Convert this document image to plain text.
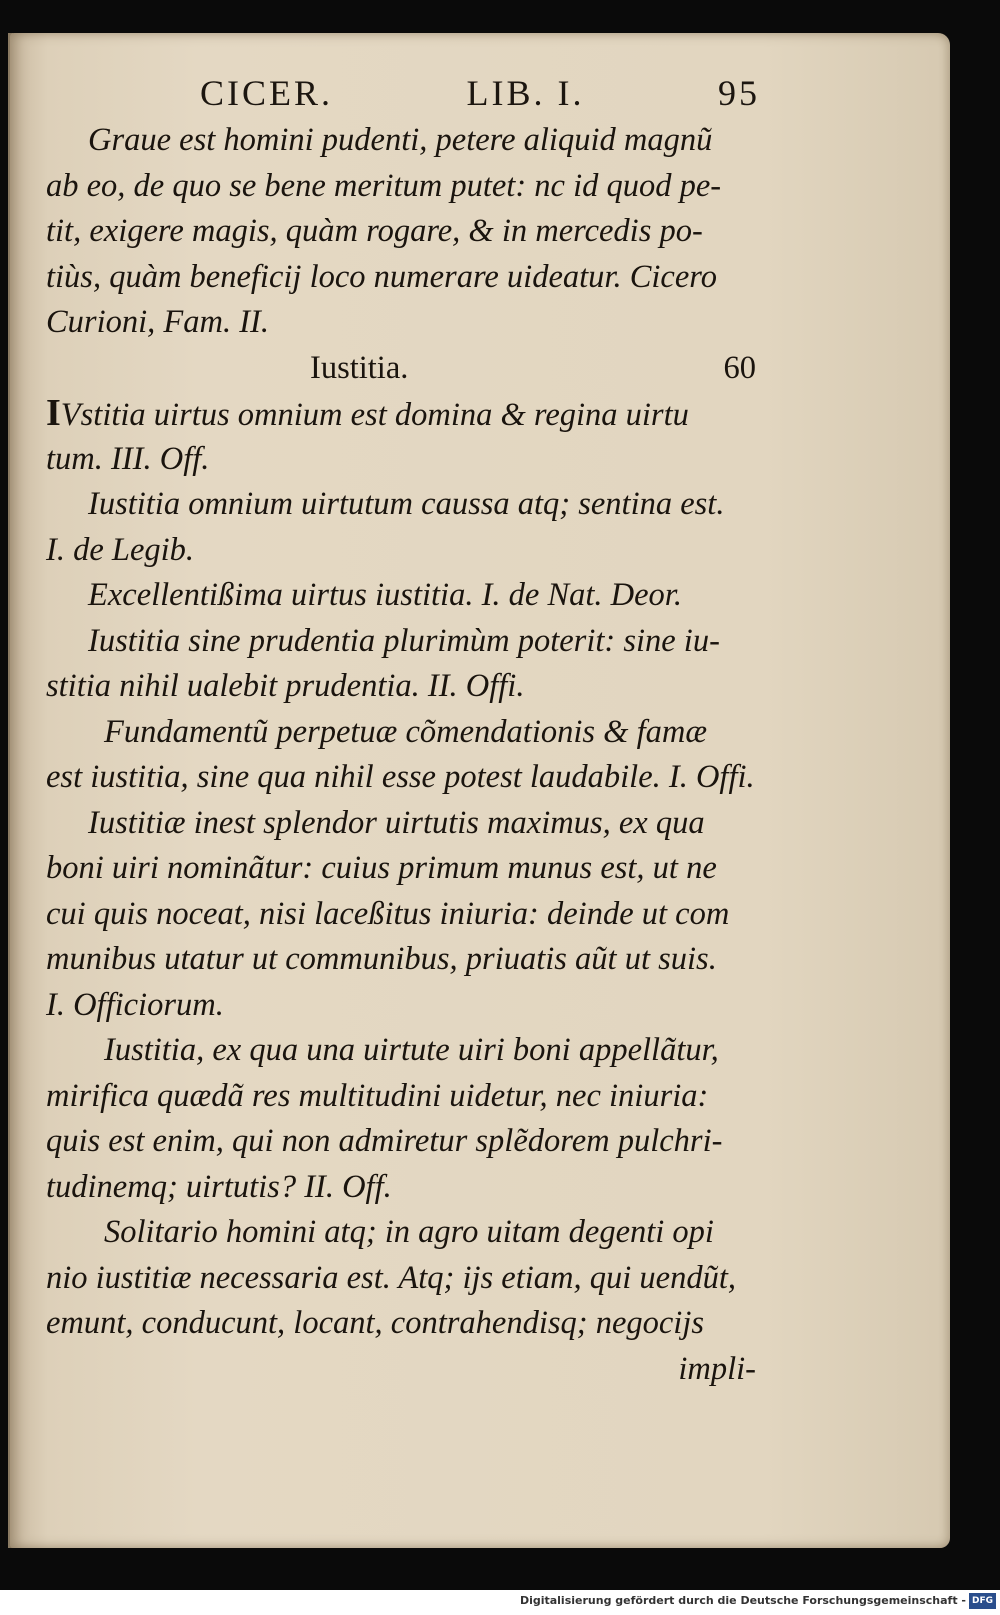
CICER.	LIB. I.	95
Graue est homini pudenti, petere aliquid magnũ
ab eo, de quo se bene meritum putet: nc id quod pe-
tit, exigere magis, quàm rogare, & in mercedis po-
tiùs, quàm beneficij loco numerare uideatur. Cicero
Curioni, Fam. II.
Iustitia.	60
IVstitia uirtus omnium est domina & regina uirtu
tum. III. Off.
Iustitia omnium uirtutum caussa atq; sentina est.
I. de Legib.
Excellentißima uirtus iustitia. I. de Nat. Deor.
Iustitia sine prudentia plurimùm poterit: sine iu-
stitia nihil ualebit prudentia. II. Offi.
Fundamentũ perpetuæ cõmendationis & famæ
est iustitia, sine qua nihil esse potest laudabile. I. Offi.
Iustitiæ inest splendor uirtutis maximus, ex qua
boni uiri nominãtur: cuius primum munus est, ut ne
cui quis noceat, nisi laceßitus iniuria: deinde ut com
munibus utatur ut communibus, priuatis aũt ut suis.
I. Officiorum.
Iustitia, ex qua una uirtute uiri boni appellãtur,
mirifica quædã res multitudini uidetur, nec iniuria:
quis est enim, qui non admiretur splẽdorem pulchri-
tudinemq; uirtutis? II. Off.
Solitario homini atq; in agro uitam degenti opi
nio iustitiæ necessaria est. Atq; ijs etiam, qui uendũt,
emunt, conducunt, locant, contrahendisq; negocijs
impli-
Digitalisierung gefördert durch die Deutsche Forschungsgemeinschaft - DFG
